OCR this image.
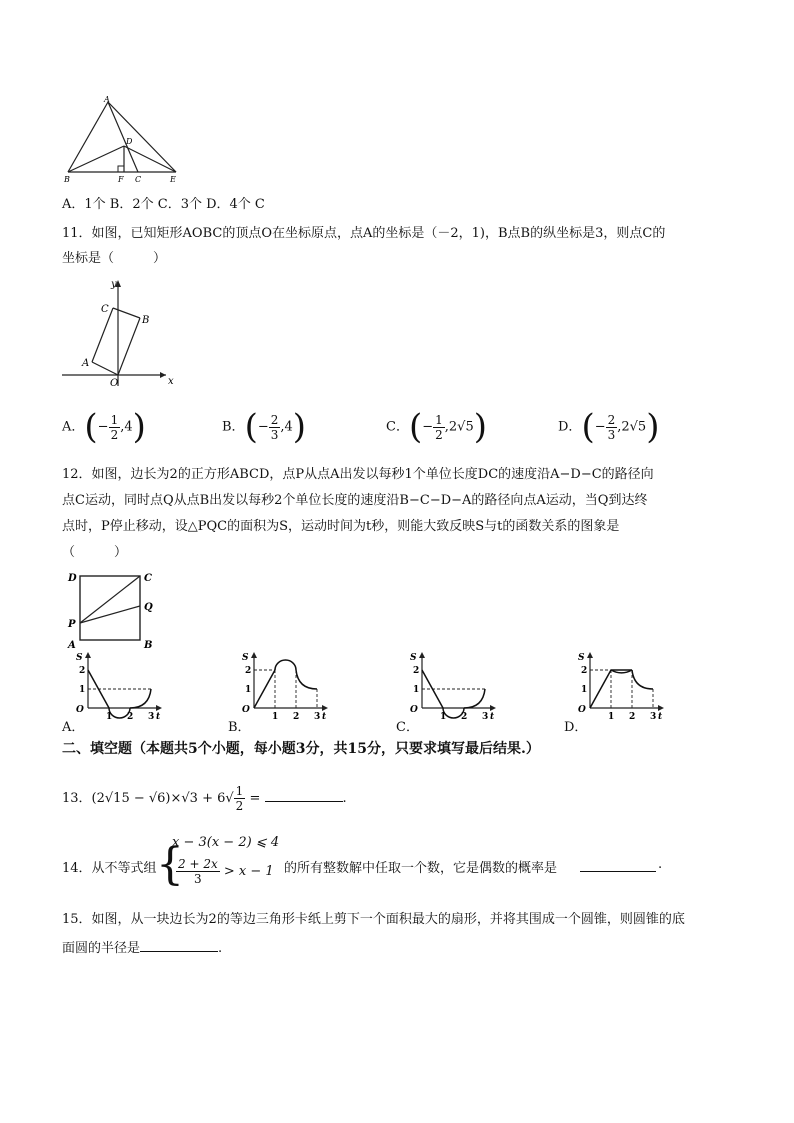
A
B
D
F C	E
A．1个 B．2个 C．3个 D．4个 C
11．如图，已知矩形AOBC的顶点O在坐标原点，点A的坐标是（－2，1)，B点B的纵坐标是3，则点C的
坐标是（　　　）
y
x
O
A
B
C
A．(− $\frac{1}{2} ,4$)	B．(− $\frac{2}{3} ,4$)	C．(− $\frac{1}{2} ,2√5$)	D．(− $\frac{2}{3} ,2√5$)
12．如图，边长为2的正方形ABCD，点P从点A出发以每秒1个单位长度DC的速度沿A−D−C的路径向
点C运动，同时点Q从点B出发以每秒2个单位长度的速度沿B−C−D−A的路径向点A运动，当Q到达终
点时，P停止移动，设△PQC的面积为S，运动时间为t秒，则能大致反映S与t的函数关系的图象是
（　　　）
D	C
P
Q
A	B
S
t
O
2
1
1 2 3
A．
S
t
O
2
1
1 2 3
B．
S
t
O
2
1
1 2 3
C．
S
t
O
2
1
1 2 3
D．
二、填空题（本题共5个小题，每小题3分，共15分，只要求填写最后结果.）
13．$(2√15 - √6)\times√3 + 6√ \frac{1}{2}$ =	.
14．从不等式组 {
x − 3(x − 2) ⩽ 4
$\frac{2 + 2x}{3} > x - 1$ 的所有整数解中任取一个数，它是偶数的概率是	.
15．如图，从一块边长为2的等边三角形卡纸上剪下一个面积最大的扇形，并将其围成一个圆锥，则圆锥的底
面圆的半径是	.
